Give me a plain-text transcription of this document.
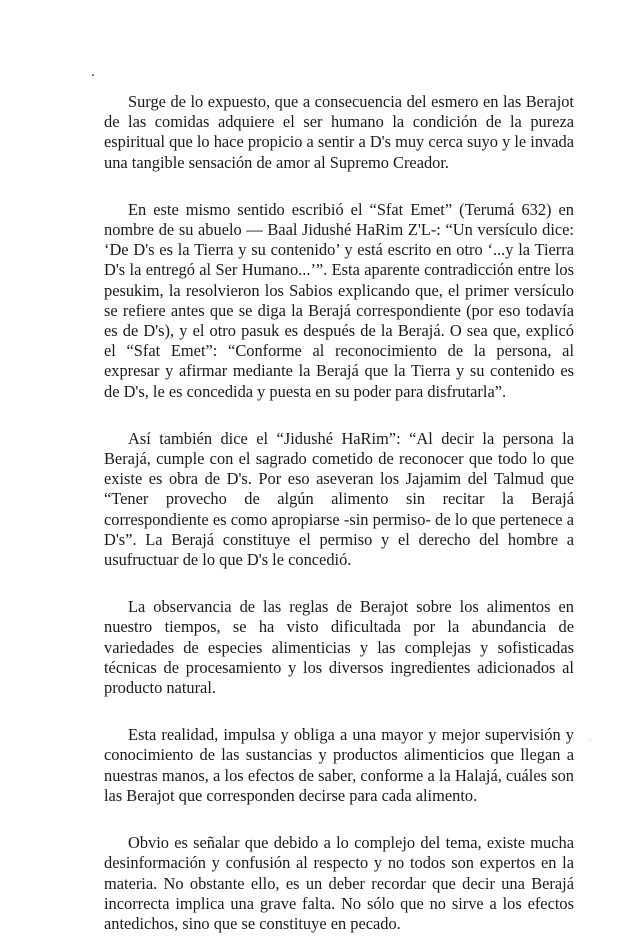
Surge de lo expuesto, que a consecuencia del esmero en las Berajot de las comidas adquiere el ser humano la condición de la pureza espiritual que lo hace propicio a sentir a D's muy cerca suyo y le invada una tangible sensación de amor al Supremo Creador.

En este mismo sentido escribió el “Sfat Emet” (Terumá 632) en nombre de su abuelo — Baal Jidushé HaRim Z'L-: “Un versículo dice: ‘De D's es la Tierra y su contenido’ y está escrito en otro ‘...y la Tierra D's la entregó al Ser Humano...’”. Esta aparente contradicción entre los pesukim, la resolvieron los Sabios explicando que, el primer versículo se refiere antes que se diga la Berajá correspondiente (por eso todavía es de D's), y el otro pasuk es después de la Berajá. O sea que, explicó el “Sfat Emet”: “Conforme al reconocimiento de la persona, al expresar y afirmar mediante la Berajá que la Tierra y su contenido es de D's, le es concedida y puesta en su poder para disfrutarla”.

Así también dice el “Jidushé HaRim”: “Al decir la persona la Berajá, cumple con el sagrado cometido de reconocer que todo lo que existe es obra de D's. Por eso aseveran los Jajamim del Talmud que “Tener provecho de algún alimento sin recitar la Berajá correspondiente es como apropiarse -sin permiso- de lo que pertenece a D's”. La Berajá constituye el permiso y el derecho del hombre a usufructuar de lo que D's le concedió.

La observancia de las reglas de Berajot sobre los alimentos en nuestro tiempos, se ha visto dificultada por la abundancia de variedades de especies alimenticias y las complejas y sofisticadas técnicas de procesamiento y los diversos ingredientes adicionados al producto natural.

Esta realidad, impulsa y obliga a una mayor y mejor supervisión y conocimiento de las sustancias y productos alimenticios que llegan a nuestras manos, a los efectos de saber, conforme a la Halajá, cuáles son las Berajot que corresponden decirse para cada alimento.

Obvio es señalar que debido a lo complejo del tema, existe mucha desinformación y confusión al respecto y no todos son expertos en la materia. No obstante ello, es un deber recordar que decir una Berajá incorrecta implica una grave falta. No sólo que no sirve a los efectos antedichos, sino que se constituye en pecado.
